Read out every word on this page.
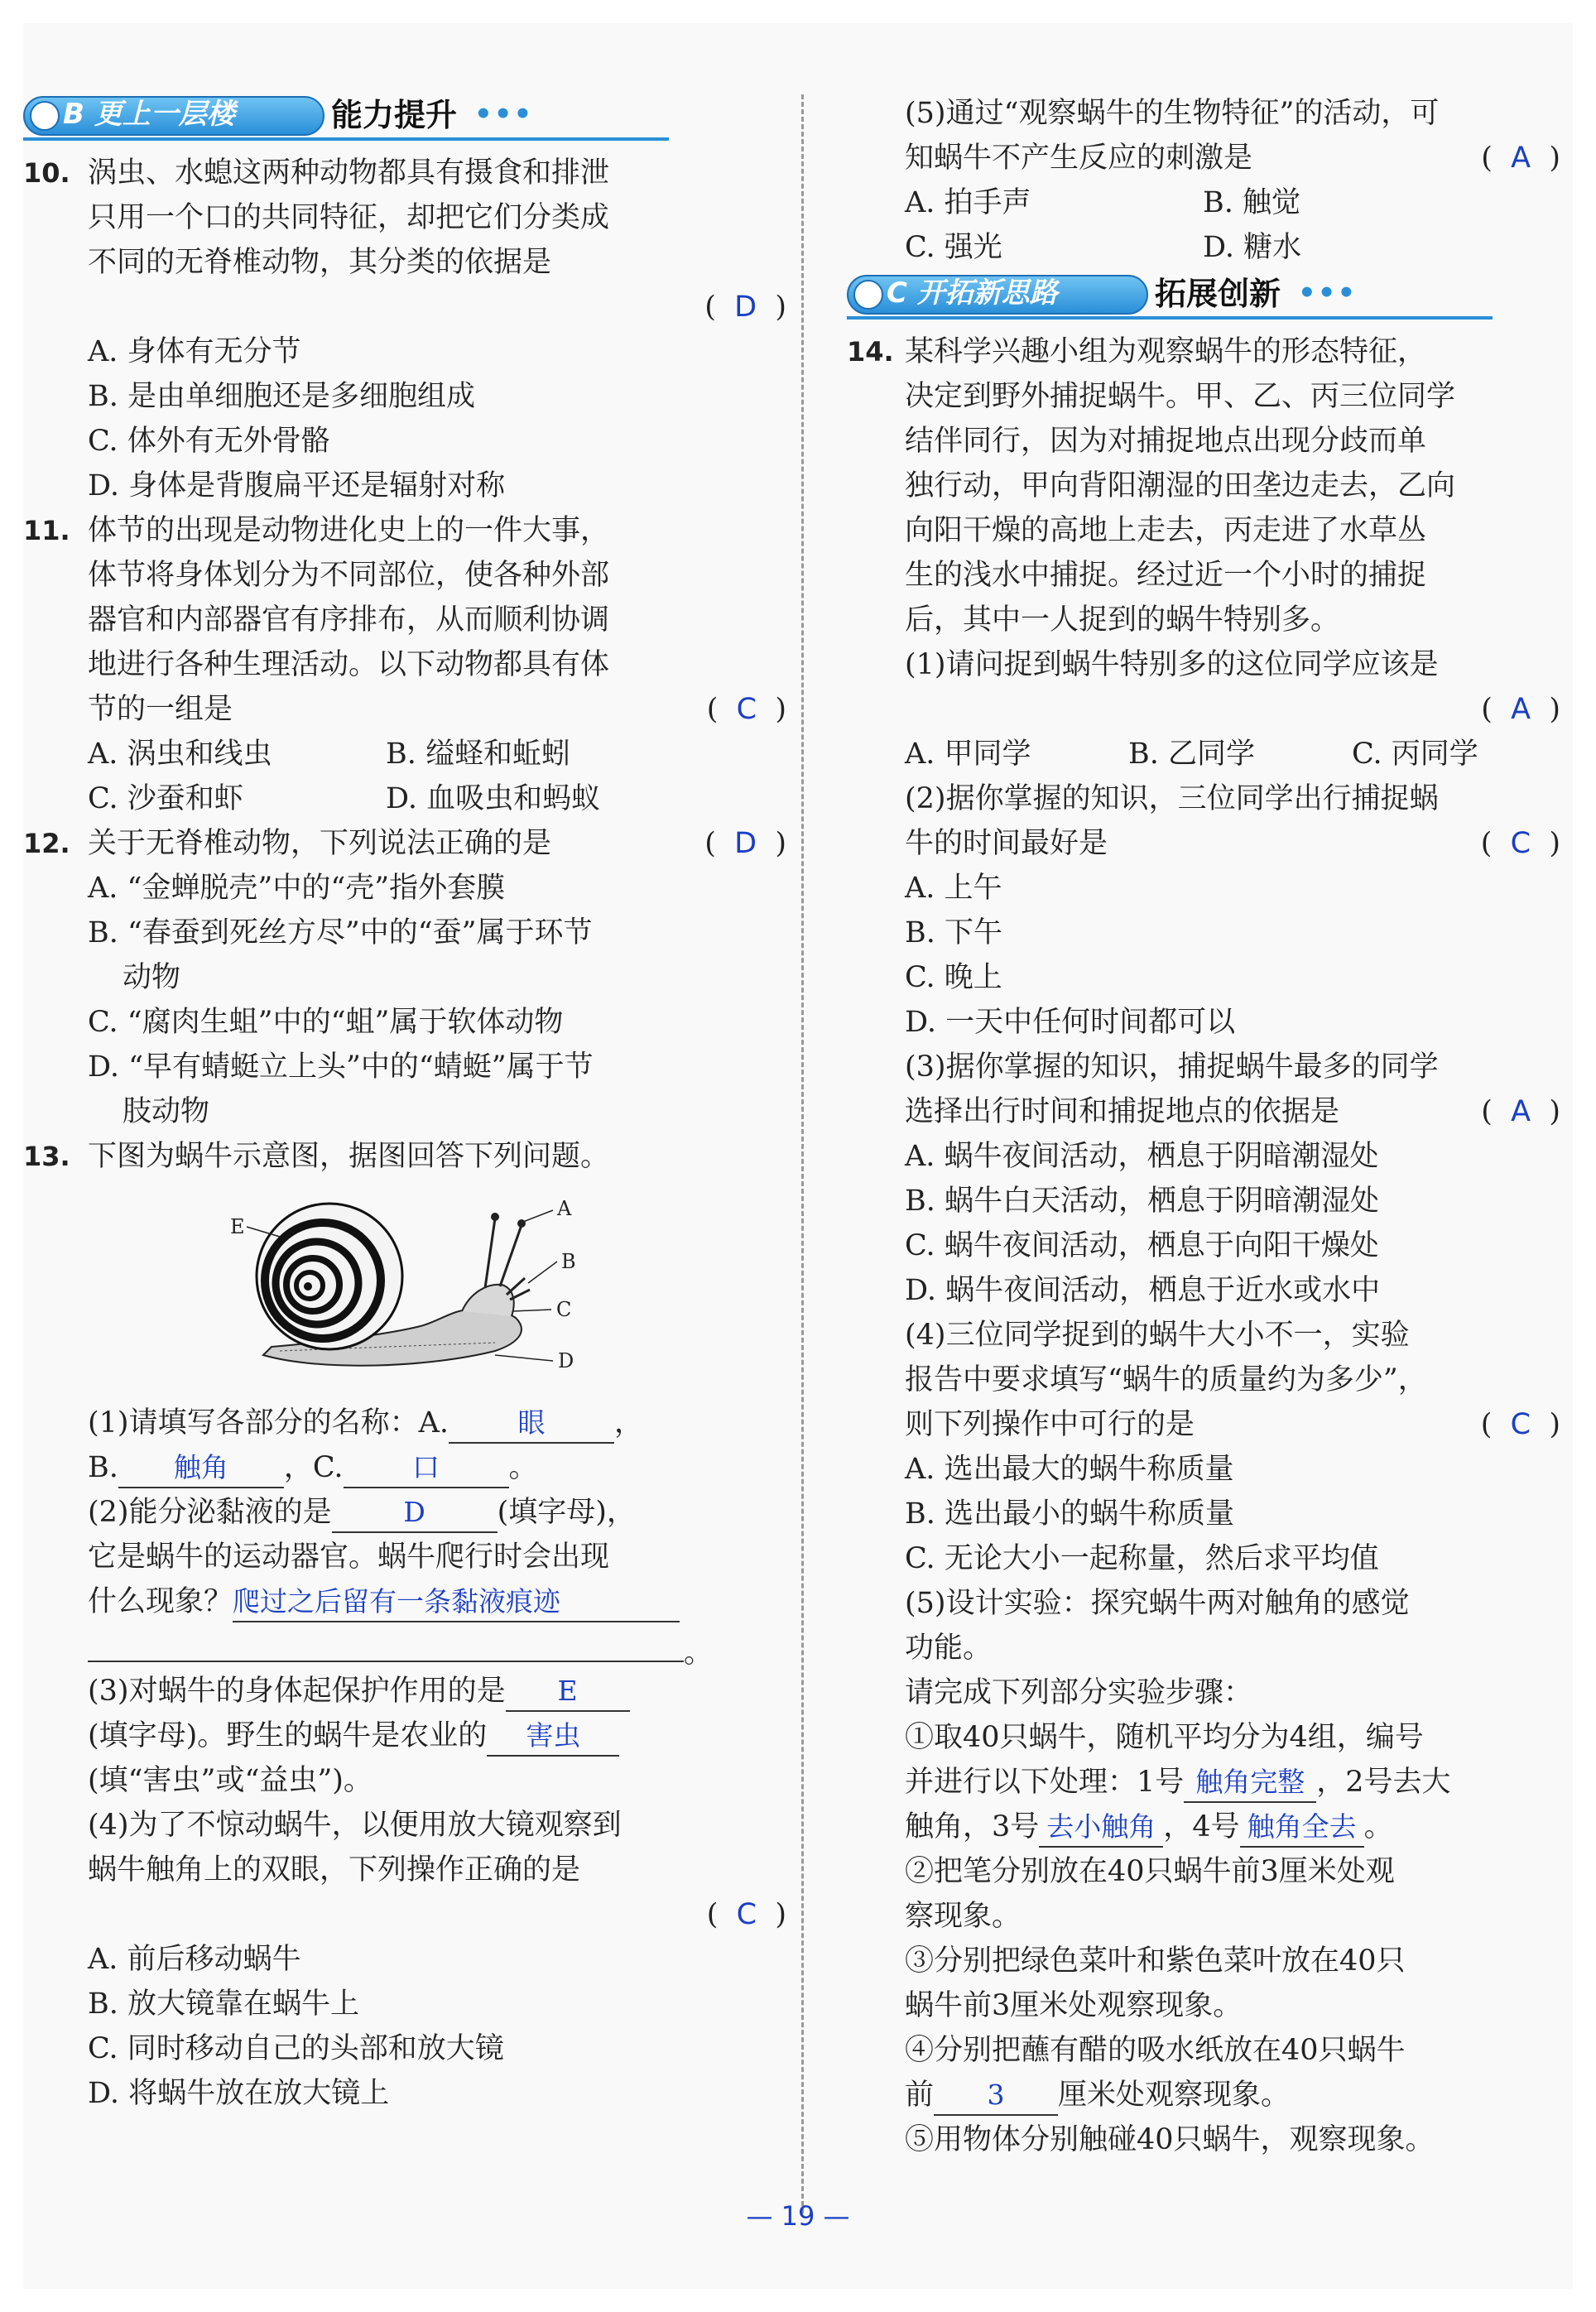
B 更上一层楼	能力提升 •••
10. 涡虫、水螅这两种动物都具有摄食和排泄
只用一个口的共同特征，却把它们分类成
不同的无脊椎动物，其分类的依据是
(  D  )
A. 身体有无分节
B. 是由单细胞还是多细胞组成
C. 体外有无外骨骼
D. 身体是背腹扁平还是辐射对称
11. 体节的出现是动物进化史上的一件大事，
体节将身体划分为不同部位，使各种外部
器官和内部器官有序排布，从而顺利协调
地进行各种生理活动。以下动物都具有体
节的一组是	(  C  )
A. 涡虫和线虫	B. 缢蛏和蚯蚓
C. 沙蚕和虾	D. 血吸虫和蚂蚁
12. 关于无脊椎动物，下列说法正确的是	(  D  )
A. “金蝉脱壳”中的“壳”指外套膜
B. “春蚕到死丝方尽”中的“蚕”属于环节
动物
C. “腐肉生蛆”中的“蛆”属于软体动物
D. “早有蜻蜓立上头”中的“蜻蜓”属于节
肢动物
13. 下图为蜗牛示意图，据图回答下列问题。
E
A
B
C
D
(1)请填写各部分的名称：A.	眼 ，
B. 触角 ，C.	口 。
(2)能分泌黏液的是	D (填字母)，
它是蜗牛的运动器官。蜗牛爬行时会出现
什么现象？爬过之后留有一条黏液痕迹
。
(3)对蜗牛的身体起保护作用的是 E
(填字母)。野生的蜗牛是农业的 害虫
(填“害虫”或“益虫”)。
(4)为了不惊动蜗牛，以便用放大镜观察到
蜗牛触角上的双眼，下列操作正确的是
(  C  )
A. 前后移动蜗牛
B. 放大镜靠在蜗牛上
C. 同时移动自己的头部和放大镜
D. 将蜗牛放在放大镜上
(5)通过“观察蜗牛的生物特征”的活动，可
知蜗牛不产生反应的刺激是	(  A  )
A. 拍手声	B. 触觉
C. 强光	D. 糖水
C 开拓新思路	拓展创新 •••
14. 某科学兴趣小组为观察蜗牛的形态特征，
决定到野外捕捉蜗牛。甲、乙、丙三位同学
结伴同行，因为对捕捉地点出现分歧而单
独行动，甲向背阳潮湿的田垄边走去，乙向
向阳干燥的高地上走去，丙走进了水草丛
生的浅水中捕捉。经过近一个小时的捕捉
后，其中一人捉到的蜗牛特别多。
(1)请问捉到蜗牛特别多的这位同学应该是
(  A  )
A. 甲同学	B. 乙同学	C. 丙同学
(2)据你掌握的知识，三位同学出行捕捉蜗
牛的时间最好是	(  C  )
A. 上午
B. 下午
C. 晚上
D. 一天中任何时间都可以
(3)据你掌握的知识，捕捉蜗牛最多的同学
选择出行时间和捕捉地点的依据是	(  A  )
A. 蜗牛夜间活动，栖息于阴暗潮湿处
B. 蜗牛白天活动，栖息于阴暗潮湿处
C. 蜗牛夜间活动，栖息于向阳干燥处
D. 蜗牛夜间活动，栖息于近水或水中
(4)三位同学捉到的蜗牛大小不一，实验
报告中要求填写“蜗牛的质量约为多少”，
则下列操作中可行的是	(  C  )
A. 选出最大的蜗牛称质量
B. 选出最小的蜗牛称质量
C. 无论大小一起称量，然后求平均值
(5)设计实验：探究蜗牛两对触角的感觉
功能。
请完成下列部分实验步骤：
①取40只蜗牛，随机平均分为4组，编号
并进行以下处理：1号 触角完整 ，2号去大
触角，3号 去小触角 ，4号 触角全去 。
②把笔分别放在40只蜗牛前3厘米处观
察现象。
③分别把绿色菜叶和紫色菜叶放在40只
蜗牛前3厘米处观察现象。
④分别把蘸有醋的吸水纸放在40只蜗牛
前 3 厘米处观察现象。
⑤用物体分别触碰40只蜗牛，观察现象。
— 19 —
